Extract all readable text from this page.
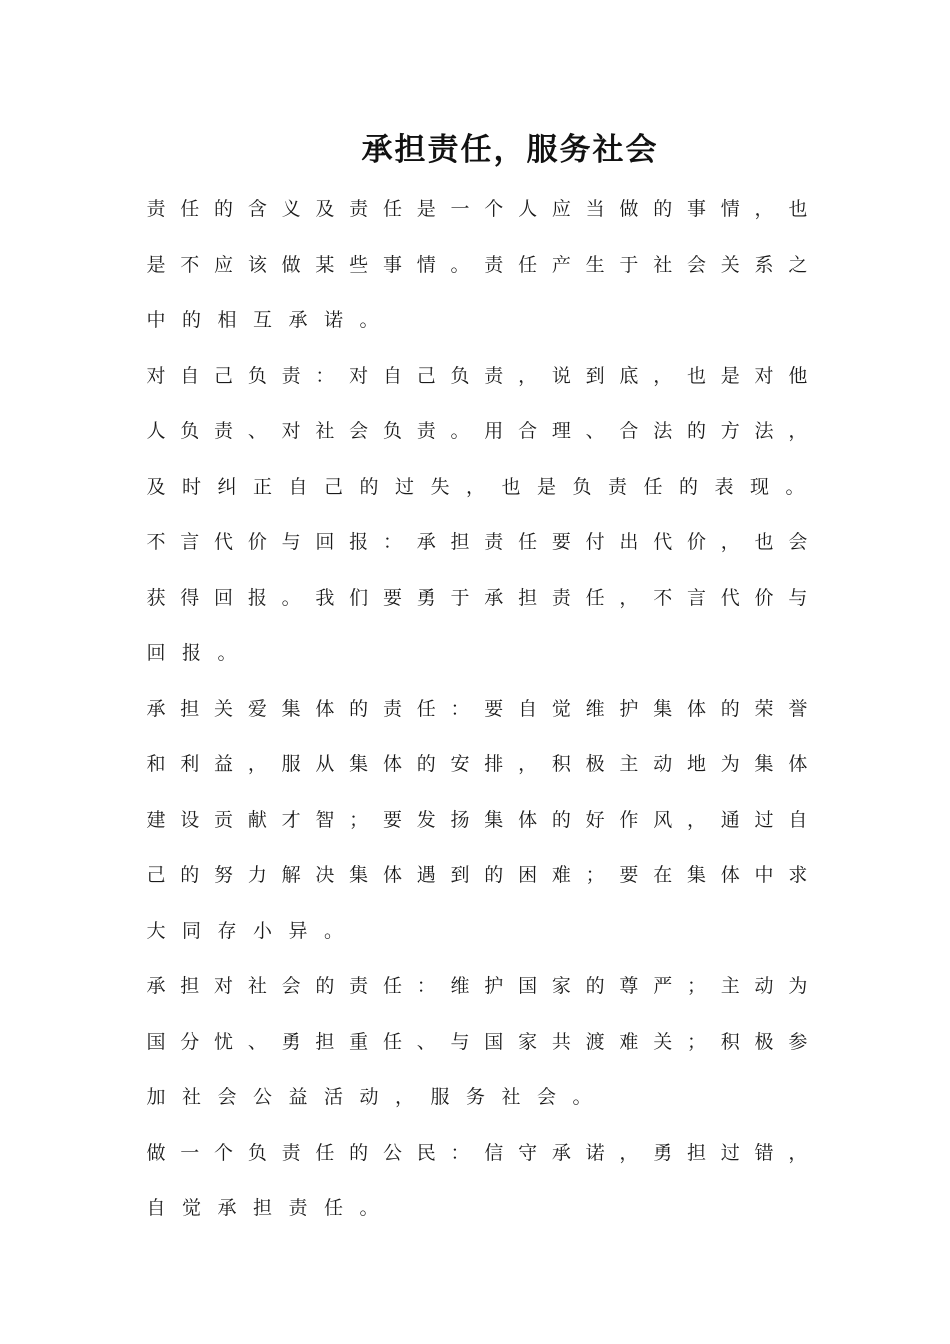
承担责任，服务社会
责 任 的 含 义 及 责 任 是 一 个 人 应 当 做 的 事 情 ， 也
是 不 应 该 做 某 些 事 情 。 责 任 产 生 于 社 会 关 系 之
中 的 相 互 承 诺 。
对 自 己 负 责 ： 对 自 己 负 责 ， 说 到 底 ， 也 是 对 他
人 负 责 、 对 社 会 负 责 。 用 合 理 、 合 法 的 方 法 ，
及 时 纠 正 自 己 的 过 失 ， 也 是 负 责 任 的 表 现 。
不 言 代 价 与 回 报 ： 承 担 责 任 要 付 出 代 价 ， 也 会
获 得 回 报 。 我 们 要 勇 于 承 担 责 任 ， 不 言 代 价 与
回 报 。
承 担 关 爱 集 体 的 责 任 ： 要 自 觉 维 护 集 体 的 荣 誉
和 利 益 ， 服 从 集 体 的 安 排 ， 积 极 主 动 地 为 集 体
建 设 贡 献 才 智 ； 要 发 扬 集 体 的 好 作 风 ， 通 过 自
己 的 努 力 解 决 集 体 遇 到 的 困 难 ； 要 在 集 体 中 求
大 同 存 小 异 。
承 担 对 社 会 的 责 任 ： 维 护 国 家 的 尊 严 ； 主 动 为
国 分 忧 、 勇 担 重 任 、 与 国 家 共 渡 难 关 ； 积 极 参
加 社 会 公 益 活 动 ， 服 务 社 会 。
做 一 个 负 责 任 的 公 民 ： 信 守 承 诺 ， 勇 担 过 错 ，
自 觉 承 担 责 任 。
